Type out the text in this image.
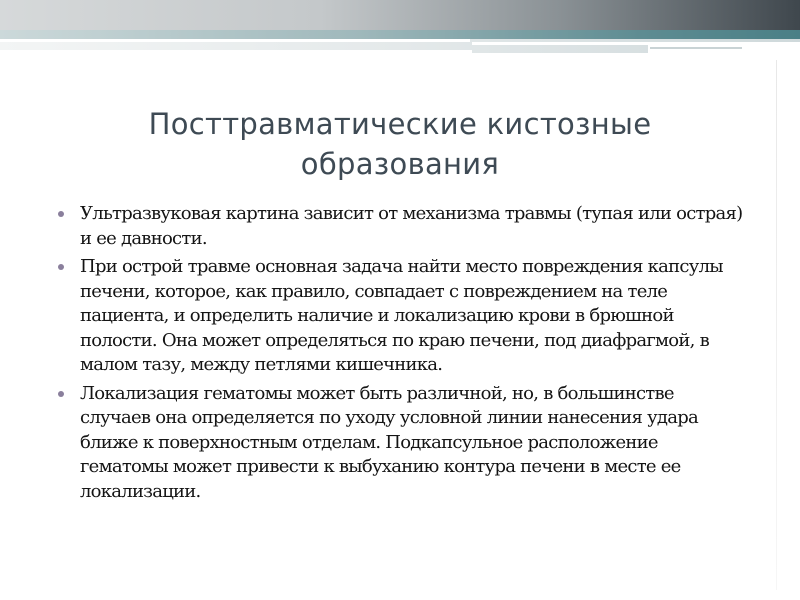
Посттравматические кистозные образования
Ультразвуковая картина зависит от механизма травмы (тупая или острая) и ее давности.
При острой травме основная задача найти место повреждения капсулы печени, которое, как правило, совпадает с повреждением на теле пациента, и определить наличие и локализацию крови в брюшной полости. Она может определяться по краю печени, под диафрагмой, в малом тазу, между петлями кишечника.
Локализация гематомы может быть различной, но, в большинстве случаев она определяется по уходу условной линии нанесения удара ближе к поверхностным отделам. Подкапсульное расположение гематомы может привести к выбуханию контура печени в месте ее локализации.
